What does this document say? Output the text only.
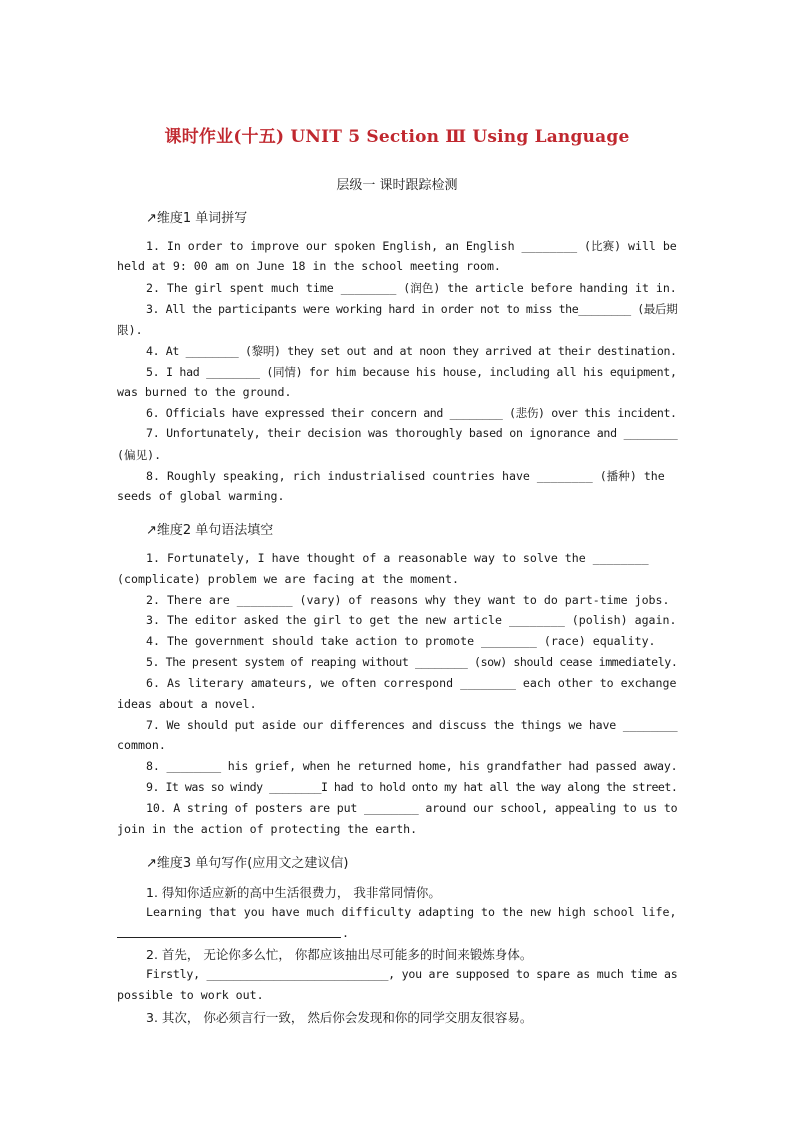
课时作业(十五) UNIT 5 Section Ⅲ Using Language
层级一 课时跟踪检测
↗维度1 单词拼写
1. In order to improve our spoken English, an English ________ (比赛) will be
held at 9: 00 am on June 18 in the school meeting room.
2. The girl spent much time ________ (润色) the article before handing it in.
3. All the participants were working hard in order not to miss the________ (最后期
限).
4. At ________ (黎明) they set out and at noon they arrived at their destination.
5. I had ________ (同情) for him because his house, including all his equipment,
was burned to the ground.
6. Officials have expressed their concern and ________ (悲伤) over this incident.
7. Unfortunately, their decision was thoroughly based on ignorance and ________
(偏见).
8. Roughly speaking, rich industrialised countries have ________ (播种) the
seeds of global warming.
↗维度2 单句语法填空
1. Fortunately, I have thought of a reasonable way to solve the ________
(complicate) problem we are facing at the moment.
2. There are ________ (vary) of reasons why they want to do part-time jobs.
3. The editor asked the girl to get the new article ________ (polish) again.
4. The government should take action to promote ________ (race) equality.
5. The present system of reaping without ________ (sow) should cease immediately.
6. As literary amateurs, we often correspond ________ each other to exchange
ideas about a novel.
7. We should put aside our differences and discuss the things we have ________
common.
8. ________ his grief, when he returned home, his grandfather had passed away.
9. It was so windy ________I had to hold onto my hat all the way along the street.
10. A string of posters are put ________ around our school, appealing to us to
join in the action of protecting the earth.
↗维度3 单句写作(应用文之建议信)
1. 得知你适应新的高中生活很费力， 我非常同情你。
Learning that you have much difficulty adapting to the new high school life,
.
2. 首先， 无论你多么忙， 你都应该抽出尽可能多的时间来锻炼身体。
Firstly, ___________________________, you are supposed to spare as much time as
possible to work out.
3. 其次， 你必须言行一致， 然后你会发现和你的同学交朋友很容易。
